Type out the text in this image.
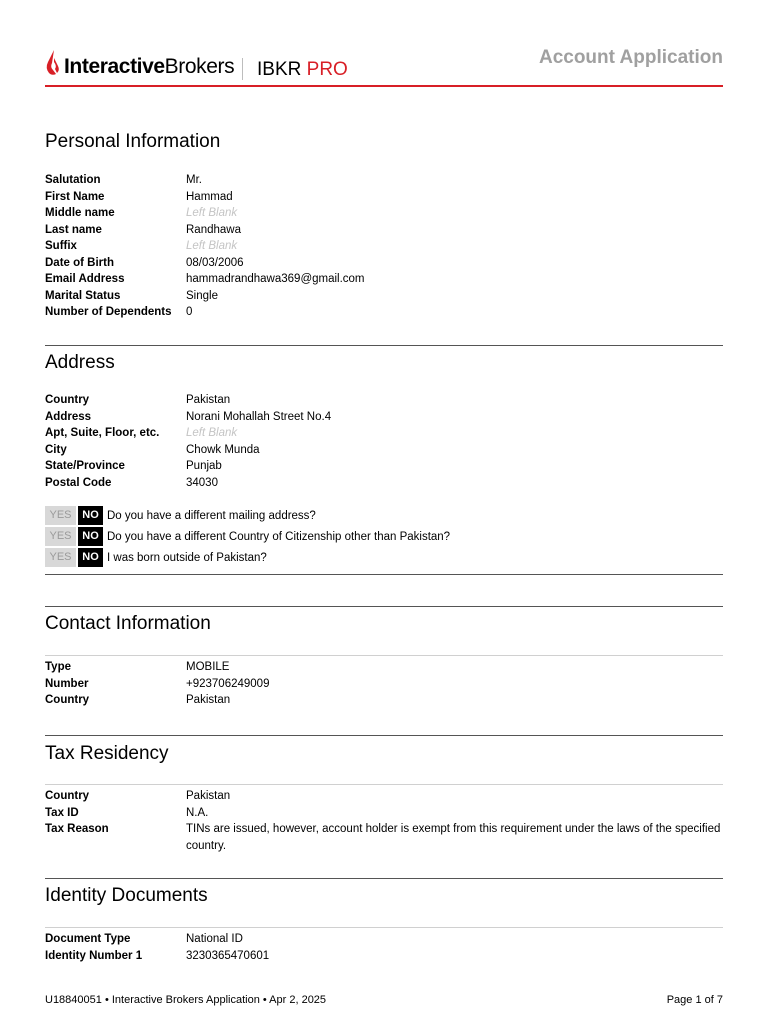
InteractiveBrokers IBKR PRO
Account Application
Personal Information
Salutation	Mr.
First Name	Hammad
Middle name	Left Blank
Last name	Randhawa
Suffix	Left Blank
Date of Birth	08/03/2006
Email Address	hammadrandhawa369@gmail.com
Marital Status	Single
Number of Dependents	0
Address
Country	Pakistan
Address	Norani Mohallah Street No.4
Apt, Suite, Floor, etc.	Left Blank
City	Chowk Munda
State/Province	Punjab
Postal Code	34030
YES NO Do you have a different mailing address?
YES NO Do you have a different Country of Citizenship other than Pakistan?
YES NO I was born outside of Pakistan?
Contact Information
Type	MOBILE
Number	+923706249009
Country	Pakistan
Tax Residency
Country	Pakistan
Tax ID	N.A.
Tax Reason	TINs are issued, however, account holder is exempt from this requirement under the laws of the specified country.
Identity Documents
Document Type	National ID
Identity Number 1	3230365470601
U18840051 • Interactive Brokers Application • Apr 2, 2025	Page 1 of 7
